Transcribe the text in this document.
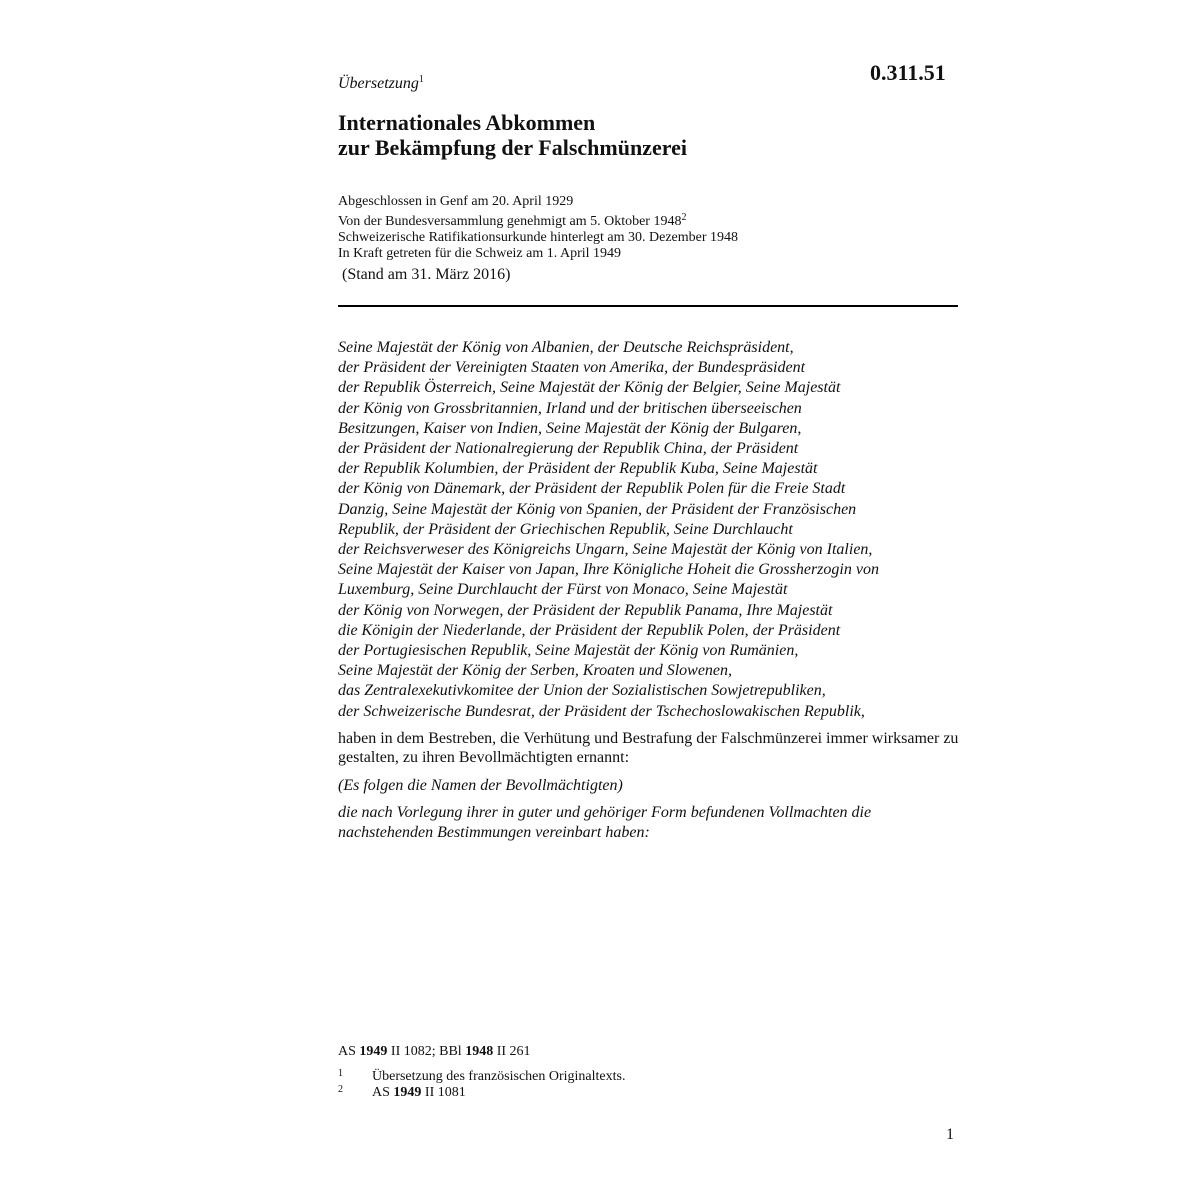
Übersetzung$^1$	0.311.51
Internationales Abkommen
zur Bekämpfung der Falschmünzerei
Abgeschlossen in Genf am 20. April 1929
Von der Bundesversammlung genehmigt am 5. Oktober 1948$^2$
Schweizerische Ratifikationsurkunde hinterlegt am 30. Dezember 1948
In Kraft getreten für die Schweiz am 1. April 1949
(Stand am 31. März 2016)
Seine Majestät der König von Albanien, der Deutsche Reichspräsident,
der Präsident der Vereinigten Staaten von Amerika, der Bundespräsident
der Republik Österreich, Seine Majestät der König der Belgier, Seine Majestät
der König von Grossbritannien, Irland und der britischen überseeischen
Besitzungen, Kaiser von Indien, Seine Majestät der König der Bulgaren,
der Präsident der Nationalregierung der Republik China, der Präsident
der Republik Kolumbien, der Präsident der Republik Kuba, Seine Majestät
der König von Dänemark, der Präsident der Republik Polen für die Freie Stadt
Danzig, Seine Majestät der König von Spanien, der Präsident der Französischen
Republik, der Präsident der Griechischen Republik, Seine Durchlaucht
der Reichsverweser des Königreichs Ungarn, Seine Majestät der König von Italien,
Seine Majestät der Kaiser von Japan, Ihre Königliche Hoheit die Grossherzogin von
Luxemburg, Seine Durchlaucht der Fürst von Monaco, Seine Majestät
der König von Norwegen, der Präsident der Republik Panama, Ihre Majestät
die Königin der Niederlande, der Präsident der Republik Polen, der Präsident
der Portugiesischen Republik, Seine Majestät der König von Rumänien,
Seine Majestät der König der Serben, Kroaten und Slowenen,
das Zentralexekutivkomitee der Union der Sozialistischen Sowjetrepubliken,
der Schweizerische Bundesrat, der Präsident der Tschechoslowakischen Republik,
haben in dem Bestreben, die Verhütung und Bestrafung der Falschmünzerei immer wirksamer zu gestalten, zu ihren Bevollmächtigten ernannt:
(Es folgen die Namen der Bevollmächtigten)
die nach Vorlegung ihrer in guter und gehöriger Form befundenen Vollmachten die nachstehenden Bestimmungen vereinbart haben:
AS 1949 II 1082; BBl 1948 II 261
1 Übersetzung des französischen Originaltexts.
2 AS 1949 II 1081
1
